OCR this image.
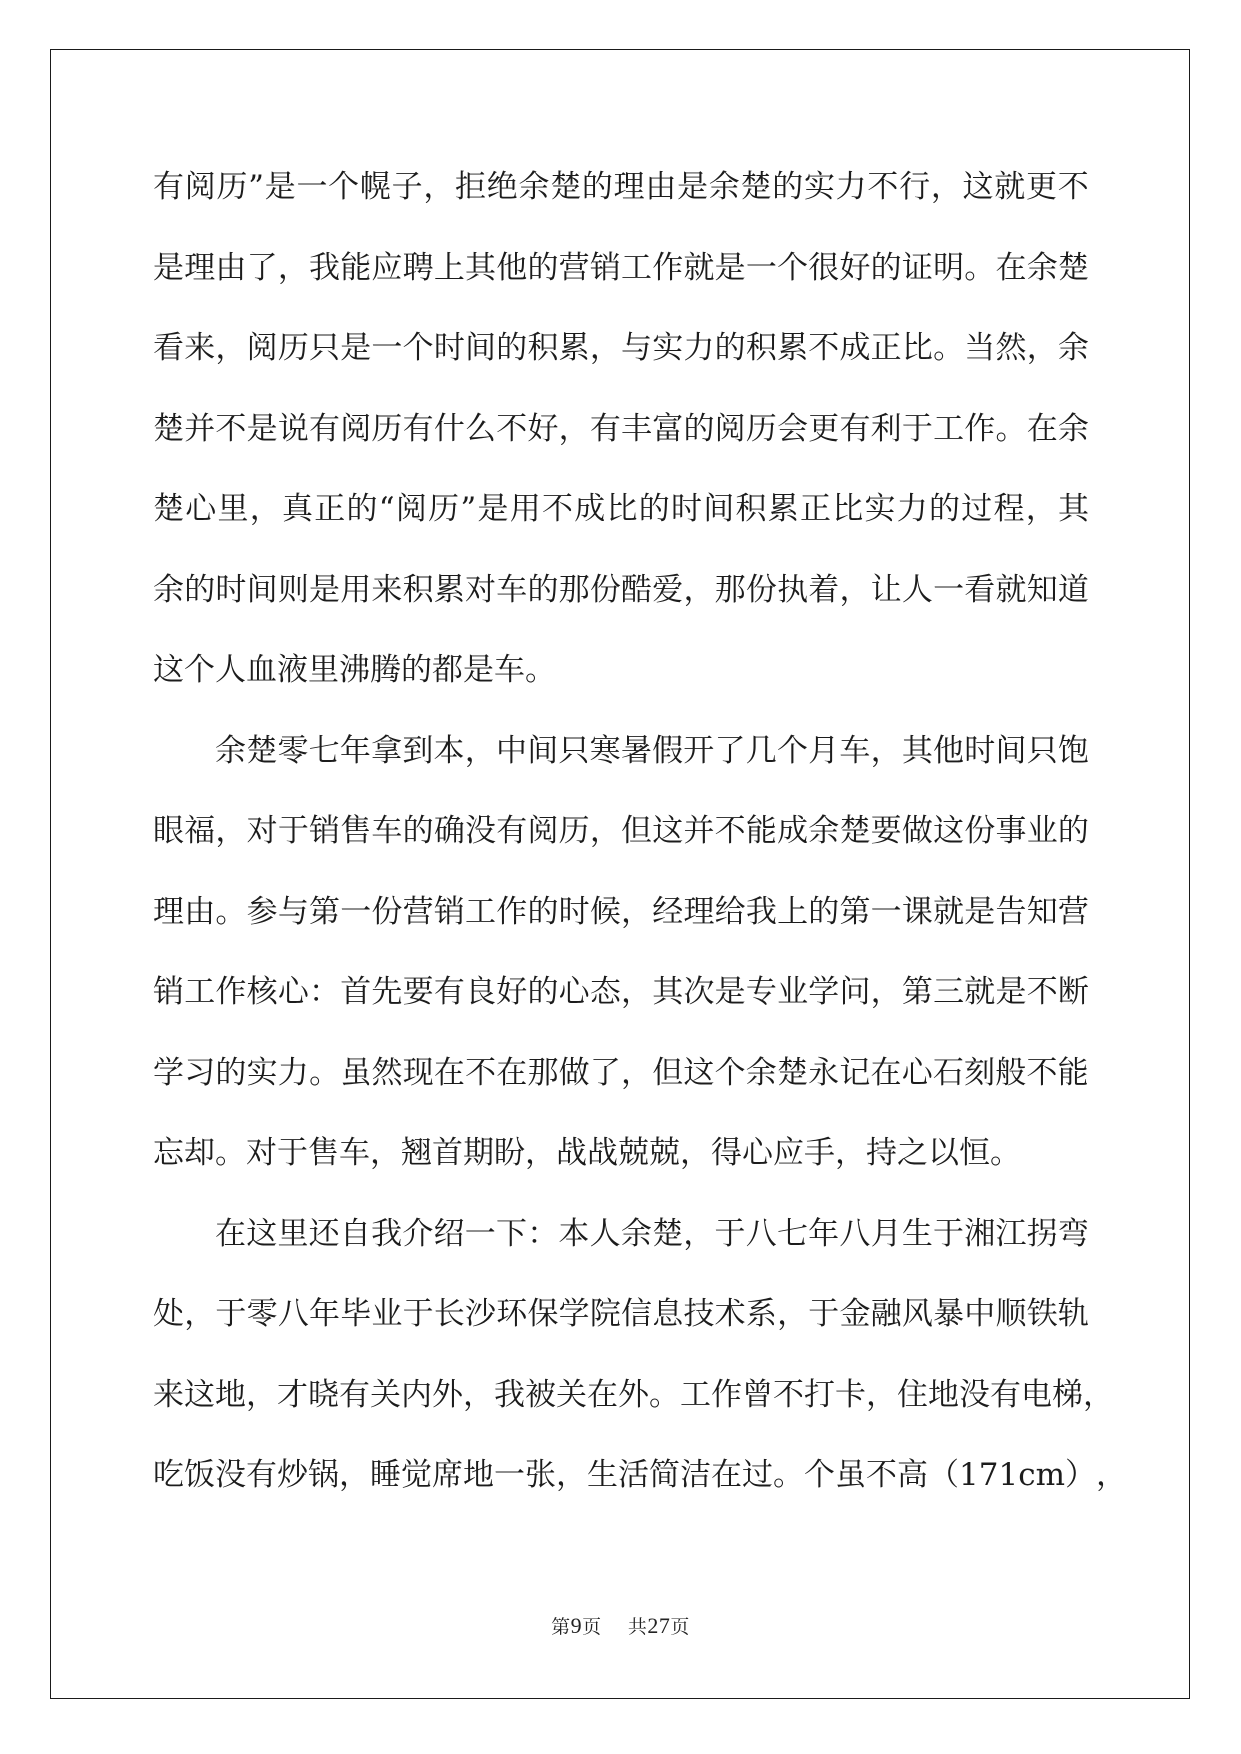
有 阅 历 ” 是 一 个 幌 子 ， 拒 绝 余 楚 的 理 由 是 余 楚 的 实 力 不 行 ， 这 就 更 不
是 理 由 了 ， 我 能 应 聘 上 其 他 的 营 销 工 作 就 是 一 个 很 好 的 证 明 。 在 余 楚
看 来 ， 阅 历 只 是 一 个 时 间 的 积 累 ， 与 实 力 的 积 累 不 成 正 比 。 当 然 ， 余
楚 并 不 是 说 有 阅 历 有 什 么 不 好 ， 有 丰 富 的 阅 历 会 更 有 利 于 工 作 。 在 余
楚 心 里 ， 真 正 的 “ 阅 历 ” 是 用 不 成 比 的 时 间 积 累 正 比 实 力 的 过 程 ， 其
余 的 时 间 则 是 用 来 积 累 对 车 的 那 份 酷 爱 ， 那 份 执 着 ， 让 人 一 看 就 知 道
这个人血液里沸腾的都是车。
余 楚 零 七 年 拿 到 本 ， 中 间 只 寒 暑 假 开 了 几 个 月 车 ， 其 他 时 间 只 饱
眼 福 ， 对 于 销 售 车 的 确 没 有 阅 历 ， 但 这 并 不 能 成 余 楚 要 做 这 份 事 业 的
理 由 。 参 与 第 一 份 营 销 工 作 的 时 候 ， 经 理 给 我 上 的 第 一 课 就 是 告 知 营
销 工 作 核 心 ： 首 先 要 有 良 好 的 心 态 ， 其 次 是 专 业 学 问 ， 第 三 就 是 不 断
学 习 的 实 力 。 虽 然 现 在 不 在 那 做 了 ， 但 这 个 余 楚 永 记 在 心 石 刻 般 不 能
忘却。对于售车，翘首期盼，战战兢兢，得心应手，持之以恒。
在 这 里 还 自 我 介 绍 一 下 ： 本 人 余 楚 ， 于 八 七 年 八 月 生 于 湘 江 拐 弯
处 ， 于 零 八 年 毕 业 于 长 沙 环 保 学 院 信 息 技 术 系 ， 于 金 融 风 暴 中 顺 铁 轨
来 这 地 ， 才 晓 有 关 内 外 ， 我 被 关 在 外 。 工 作 曾 不 打 卡 ， 住 地 没 有 电 梯 ，
吃 饭 没 有 炒 锅 ， 睡 觉 席 地 一 张 ， 生 活 简 洁 在 过 。 个 虽 不 高 （ 1 7 1 c m ） ，
第9页 共27页
